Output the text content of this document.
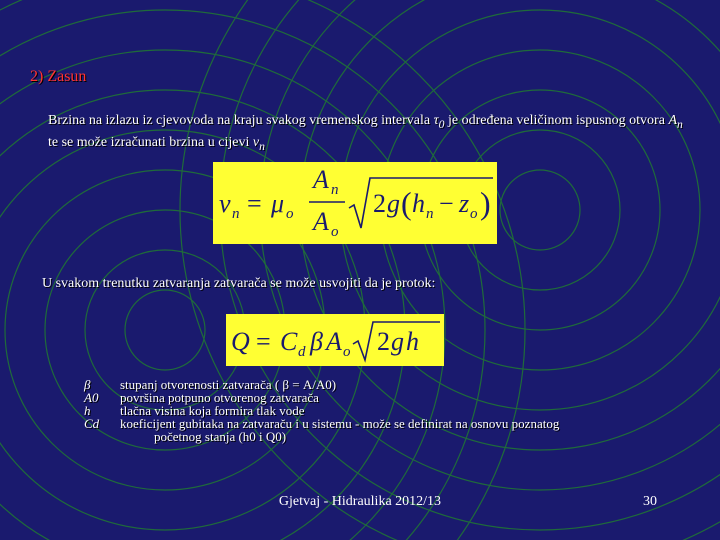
2) Zasun
Brzina na izlazu iz cjevovoda na kraju svakog vremenskog intervala $\tau_0$ je određena veličinom ispusnog otvora $A_n$ te se može izračunati brzina u cijevi $v_n$
v n = μ o
A n
A o
2 g ( h n − z o )
U svakom trenutku zatvaranja zatvarača se može usvojiti da je protok:
Q = C d β A o 2 g h
β	stupanj otvorenosti zatvarača ( β = A/A0)
A0	površina potpuno otvorenog zatvarača
h	tlačna visina koja formira tlak vode
Cd	koeficijent gubitaka na zatvaraču i u sistemu - može se definirat na osnovu poznatog
početnog stanja (h0 i Q0)
Gjetvaj - Hidraulika 2012/13	30
